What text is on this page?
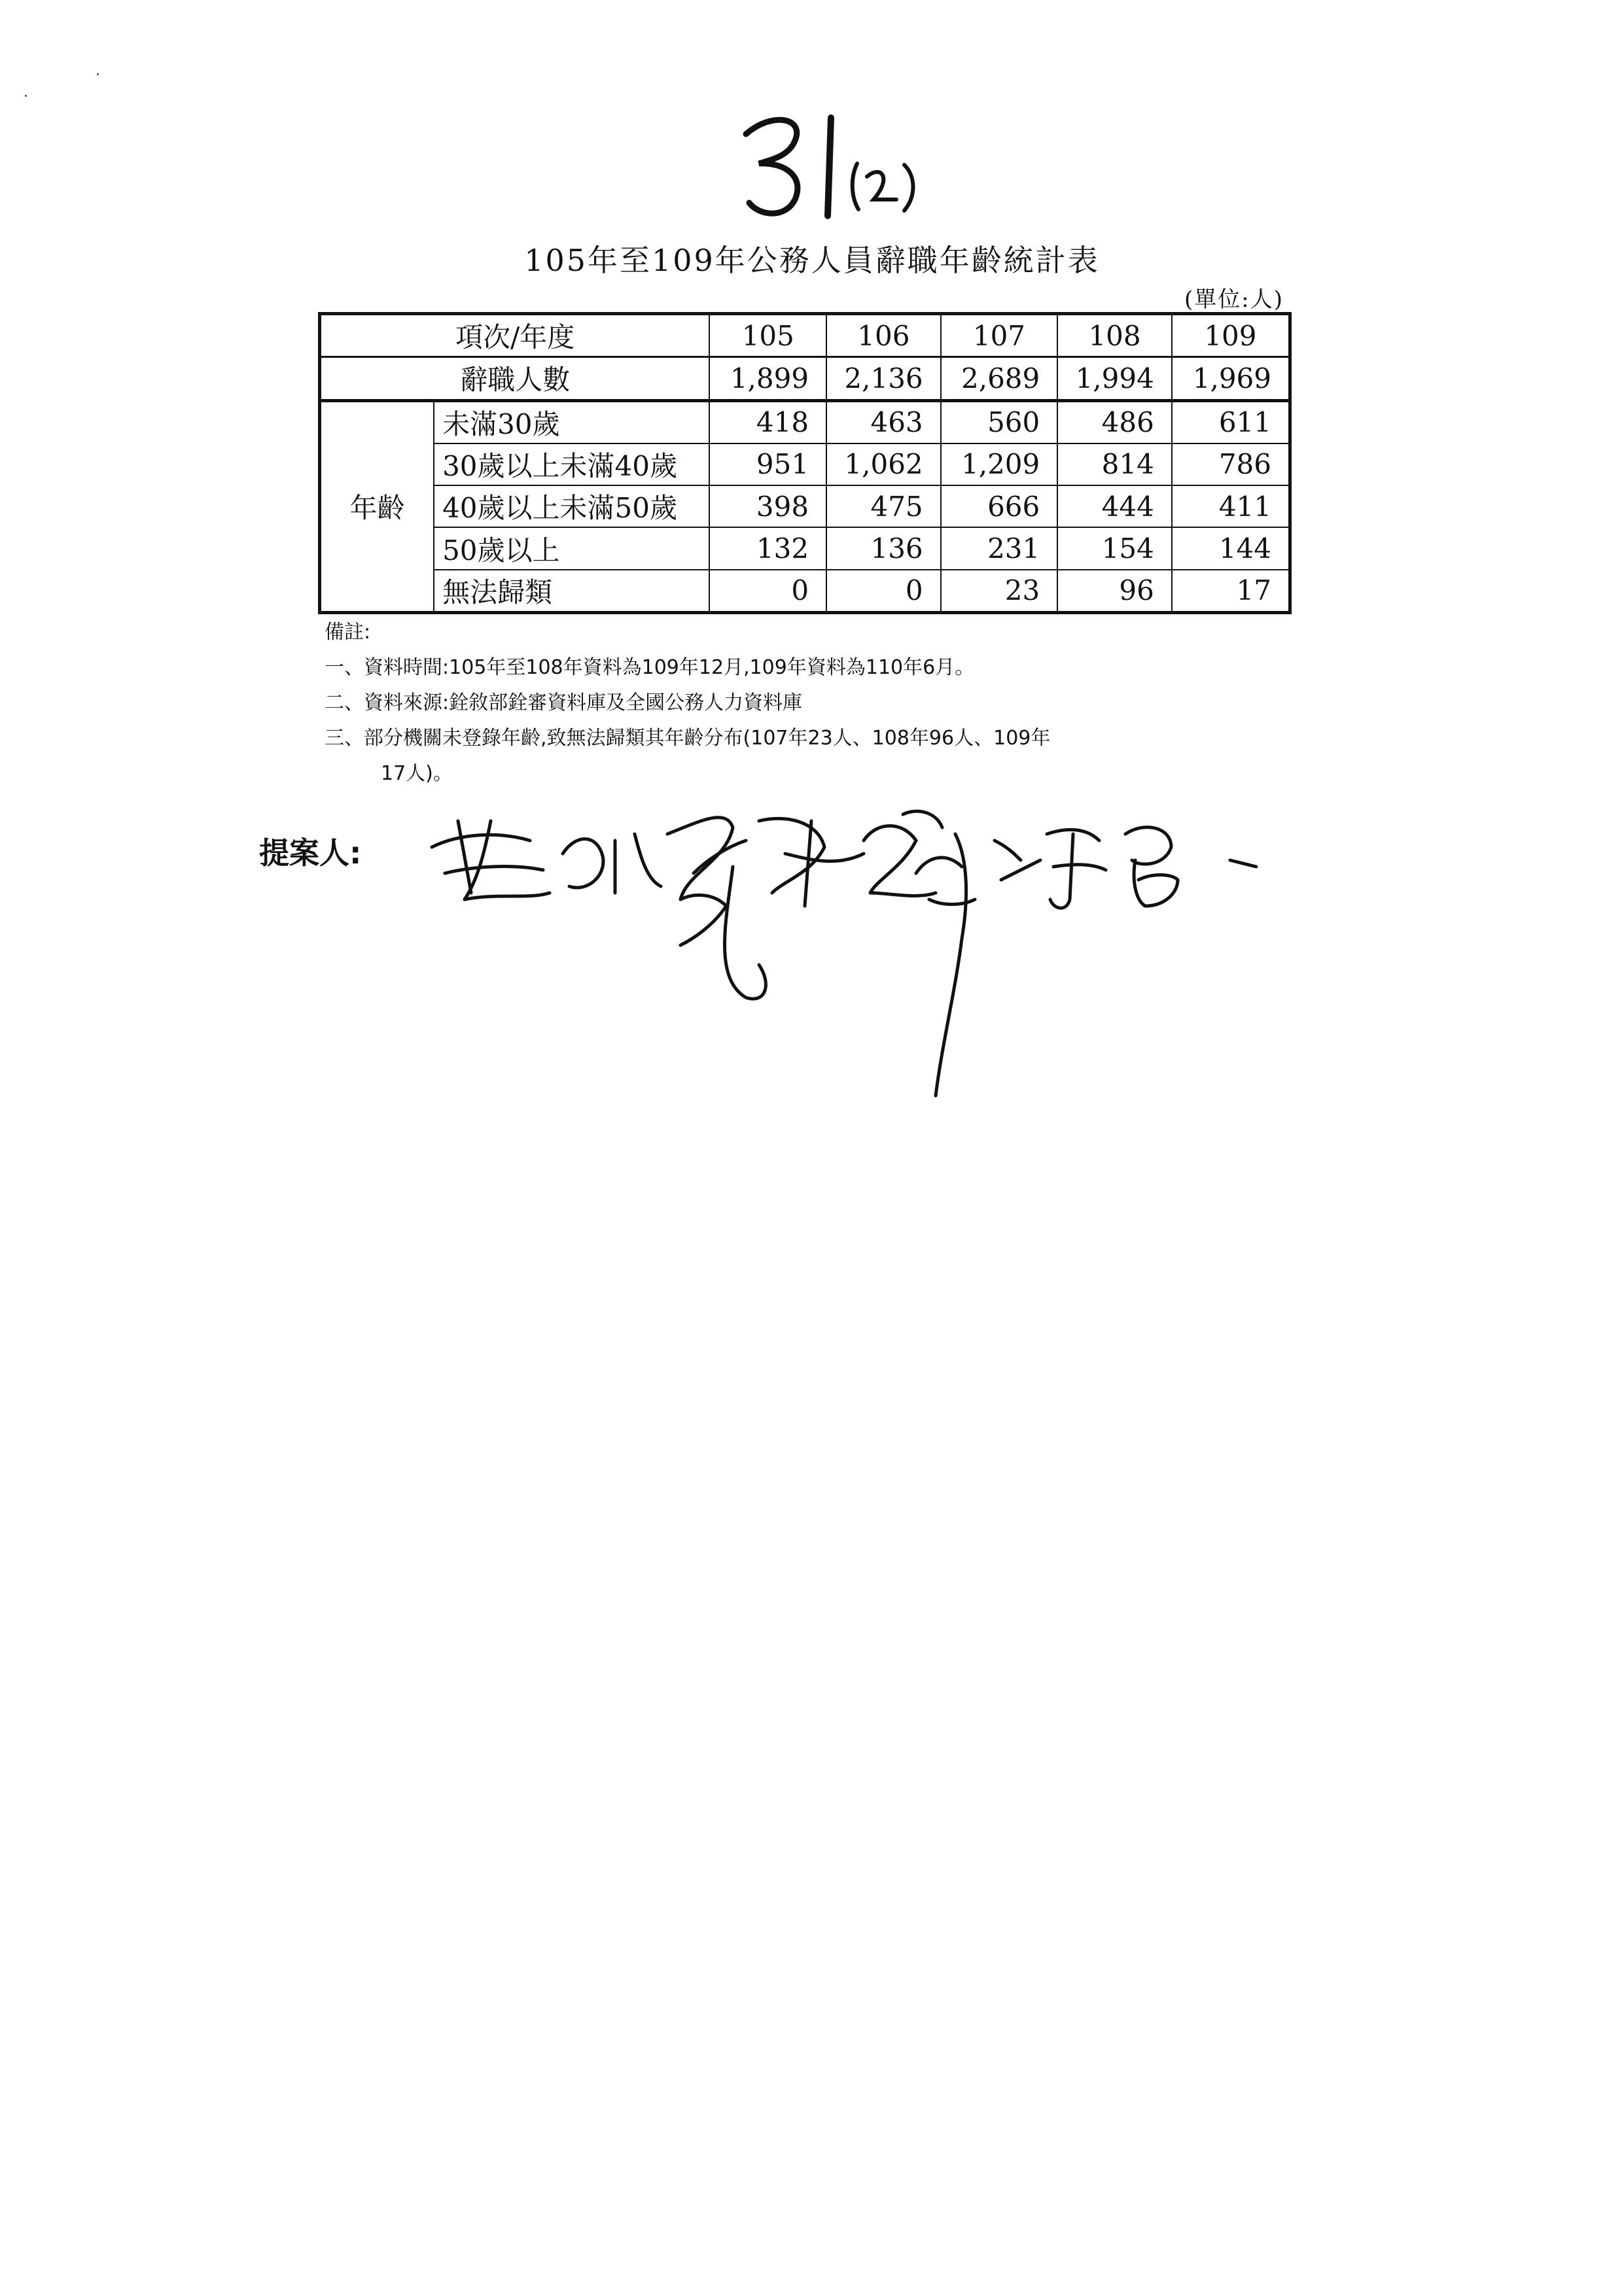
105年至109年公務人員辭職年齡統計表
(單位:人)
項次/年度		105	106	107	108	109
辭職人數		1,899	2,136	2,689	1,994	1,969
年齡	未滿30歲	418	463	560	486	611
	30歲以上未滿40歲	951	1,062	1,209	814	786
	40歲以上未滿50歲	398	475	666	444	411
	50歲以上	132	136	231	154	144
	無法歸類	0	0	23	96	17
備註:
一、資料時間:105年至108年資料為109年12月,109年資料為110年6月。
二、資料來源:銓敘部銓審資料庫及全國公務人力資料庫
三、部分機關未登錄年齡,致無法歸類其年齡分布(107年23人、108年96人、109年
17人)。
提案人:
